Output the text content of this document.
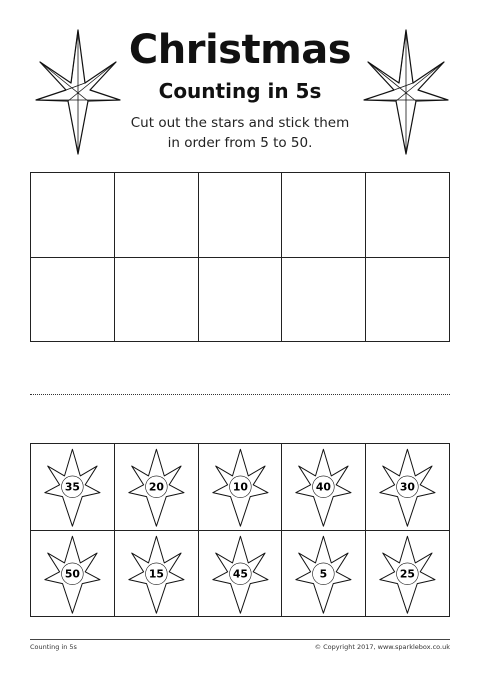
Christmas
Counting in 5s
Cut out the stars and stick them
in order from 5 to 50.
35	20	10	40	30
50	15	45	5	25
Counting in 5s	© Copyright 2017, www.sparklebox.co.uk
